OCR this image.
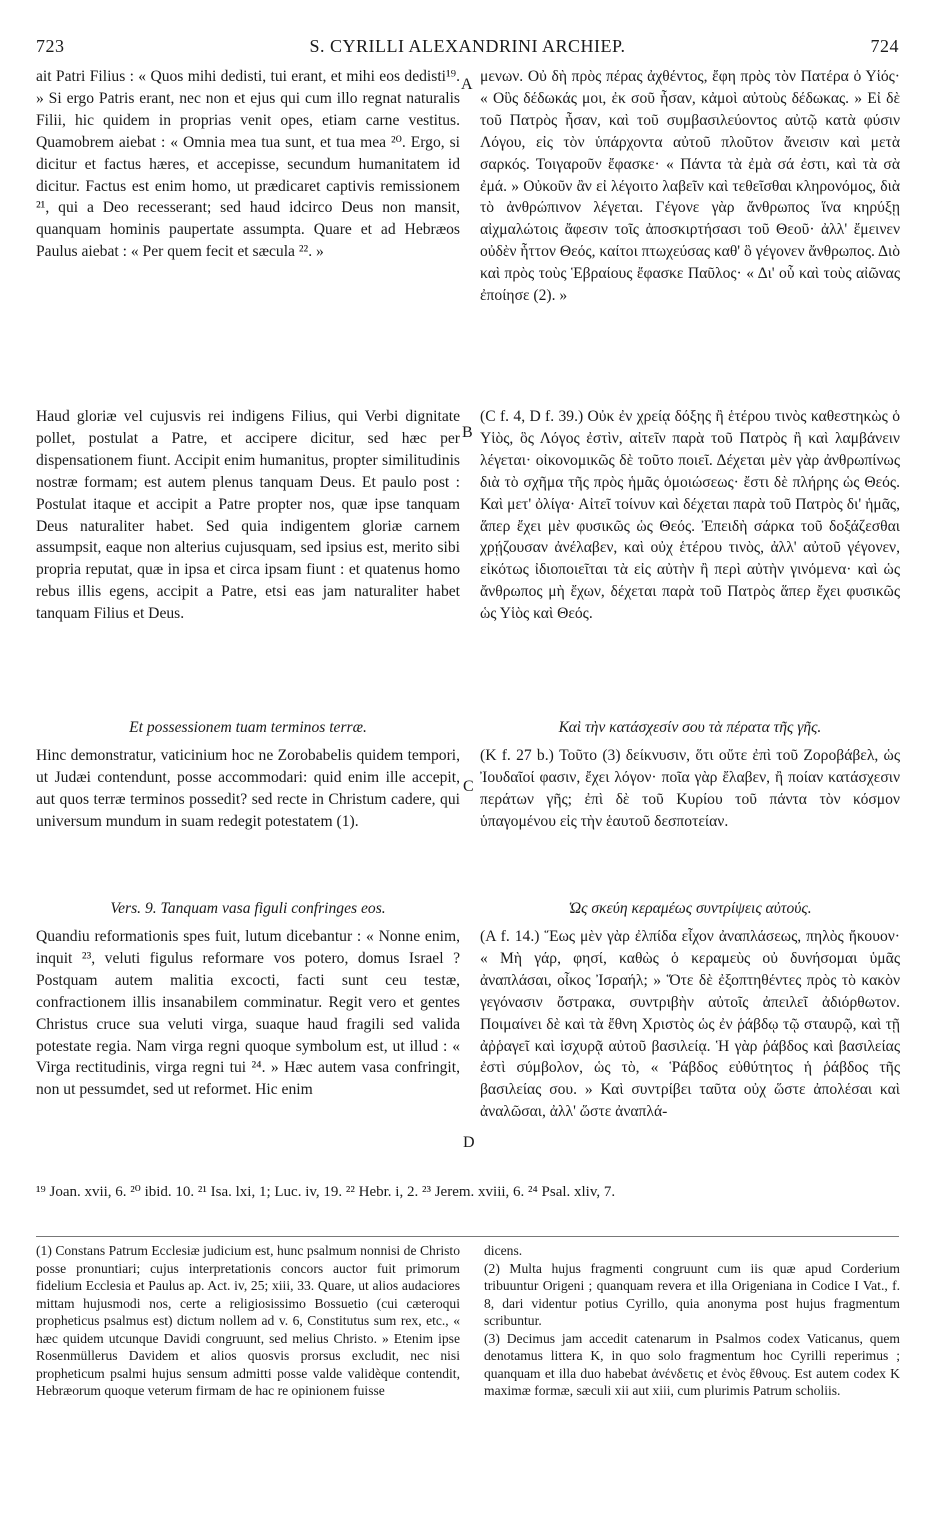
723	S. CYRILLI ALEXANDRINI ARCHIEP.	724
A
B
C
D

ait Patri Filius : « Quos mihi dedisti, tui erant, et mihi eos dedisti¹⁹. » Si ergo Patris erant, nec non et ejus qui cum illo regnat naturalis Filii, hic quidem in proprias venit opes, etiam carne vestitus. Quamobrem aiebat : « Omnia mea tua sunt, et tua mea ²⁰. Ergo, si dicitur et factus hæres, et accepisse, secundum humanitatem id dicitur. Factus est enim homo, ut prædicaret captivis remissionem ²¹, qui a Deo recesserant; sed haud idcirco Deus non mansit, quanquam hominis paupertate assumpta. Quare et ad Hebræos Paulus aiebat : « Per quem fecit et sæcula ²². »

Haud gloriæ vel cujusvis rei indigens Filius, qui Verbi dignitate pollet, postulat a Patre, et accipere dicitur, sed hæc per dispensationem fiunt. Accipit enim humanitus, propter similitudinis nostræ formam; est autem plenus tanquam Deus. Et paulo post : Postulat itaque et accipit a Patre propter nos, quæ ipse tanquam Deus naturaliter habet. Sed quia indigentem gloriæ carnem assumpsit, eaque non alterius cujusquam, sed ipsius est, merito sibi propria reputat, quæ in ipsa et circa ipsam fiunt : et quatenus homo rebus illis egens, accipit a Patre, etsi eas jam naturaliter habet tanquam Filius et Deus.

Et possessionem tuam terminos terræ.

Hinc demonstratur, vaticinium hoc ne Zorobabelis quidem tempori, ut Judæi contendunt, posse accommodari: quid enim ille accepit, aut quos terræ terminos possedit? sed recte in Christum cadere, qui universum mundum in suam redegit potestatem (1).

Vers. 9. Tanquam vasa figuli confringes eos.

Quandiu reformationis spes fuit, lutum dicebantur : « Nonne enim, inquit ²³, veluti figulus reformare vos potero, domus Israel ? Postquam autem malitia excocti, facti sunt ceu testæ, confractionem illis insanabilem comminatur. Regit vero et gentes Christus cruce sua veluti virga, suaque haud fragili sed valida potestate regia. Nam virga regni quoque symbolum est, ut illud : « Virga rectitudinis, virga regni tui ²⁴. » Hæc autem vasa confringit, non ut pessumdet, sed ut reformet. Hic enim

μενων. Οὐ δὴ πρὸς πέρας ἀχθέντος, ἔφη πρὸς τὸν Πατέρα ὁ Υἱός· « Οὓς δέδωκάς μοι, ἐκ σοῦ ἦσαν, κἀμοὶ αὐτοὺς δέδωκας. » Εἰ δὲ τοῦ Πατρὸς ἦσαν, καὶ τοῦ συμβασιλεύοντος αὐτῷ κατὰ φύσιν Λόγου, εἰς τὸν ὑπάρχοντα αὐτοῦ πλοῦτον ἄνεισιν καὶ μετὰ σαρκός. Τοιγαροῦν ἔφασκε· « Πάντα τὰ ἐμὰ σά ἐστι, καὶ τὰ σὰ ἐμά. » Οὐκοῦν ἂν εἰ λέγοιτο λαβεῖν καὶ τεθεῖσθαι κληρονόμος, διὰ τὸ ἀνθρώπινον λέγεται. Γέγονε γὰρ ἄνθρωπος ἵνα κηρύξῃ αἰχμαλώτοις ἄφεσιν τοῖς ἀποσκιρτήσασι τοῦ Θεοῦ· ἀλλ' ἔμεινεν οὐδὲν ἧττον Θεός, καίτοι πτωχεύσας καθ' ὃ γέγονεν ἄνθρωπος. Διὸ καὶ πρὸς τοὺς Ἑβραίους ἔφασκε Παῦλος· « Δι' οὗ καὶ τοὺς αἰῶνας ἐποίησε (2). »

(C f. 4, D f. 39.) Οὐκ ἐν χρείᾳ δόξης ἢ ἑτέρου τινὸς καθεστηκὼς ὁ Υἱὸς, ὃς Λόγος ἐστὶν, αἰτεῖν παρὰ τοῦ Πατρὸς ἢ καὶ λαμβάνειν λέγεται· οἰκονομικῶς δὲ τοῦτο ποιεῖ. Δέχεται μὲν γὰρ ἀνθρωπίνως διὰ τὸ σχῆμα τῆς πρὸς ἡμᾶς ὁμοιώσεως· ἔστι δὲ πλήρης ὡς Θεός. Καὶ μετ' ὀλίγα· Αἰτεῖ τοίνυν καὶ δέχεται παρὰ τοῦ Πατρὸς δι' ἡμᾶς, ἅπερ ἔχει μὲν φυσικῶς ὡς Θεός. Ἐπειδὴ σάρκα τοῦ δοξάζεσθαι χρῄζουσαν ἀνέλαβεν, καὶ οὐχ ἑτέρου τινὸς, ἀλλ' αὐτοῦ γέγονεν, εἰκότως ἰδιοποιεῖται τὰ εἰς αὐτὴν ἢ περὶ αὐτὴν γινόμενα· καὶ ὡς ἄνθρωπος μὴ ἔχων, δέχεται παρὰ τοῦ Πατρὸς ἅπερ ἔχει φυσικῶς ὡς Υἱὸς καὶ Θεός.

Καὶ τὴν κατάσχεσίν σου τὰ πέρατα τῆς γῆς.

(K f. 27 b.) Τοῦτο (3) δείκνυσιν, ὅτι οὔτε ἐπὶ τοῦ Ζοροβάβελ, ὡς Ἰουδαῖοί φασιν, ἔχει λόγον· ποῖα γὰρ ἔλαβεν, ἢ ποίαν κατάσχεσιν περάτων γῆς; ἐπὶ δὲ τοῦ Κυρίου τοῦ πάντα τὸν κόσμον ὑπαγομένου εἰς τὴν ἑαυτοῦ δεσποτείαν.

Ὡς σκεύη κεραμέως συντρίψεις αὐτούς.

(A f. 14.) Ἕως μὲν γὰρ ἐλπίδα εἶχον ἀναπλάσεως, πηλὸς ἤκουον· « Μὴ γάρ, φησί, καθὼς ὁ κεραμεὺς οὐ δυνήσομαι ὑμᾶς ἀναπλάσαι, οἶκος Ἰσραήλ; » Ὅτε δὲ ἐξοπτηθέντες πρὸς τὸ κακὸν γεγόνασιν ὄστρακα, συντριβὴν αὐτοῖς ἀπειλεῖ ἀδιόρθωτον. Ποιμαίνει δὲ καὶ τὰ ἔθνη Χριστὸς ὡς ἐν ῥάβδῳ τῷ σταυρῷ, καὶ τῇ ἀῤῥαγεῖ καὶ ἰσχυρᾷ αὐτοῦ βασιλείᾳ. Ἡ γὰρ ῥάβδος καὶ βασιλείας ἐστὶ σύμβολον, ὡς τὸ, « Ῥάβδος εὐθύτητος ἡ ῥάβδος τῆς βασιλείας σου. » Καὶ συντρίβει ταῦτα οὐχ ὥστε ἀπολέσαι καὶ ἀναλῶσαι, ἀλλ' ὥστε ἀναπλά-

¹⁹ Joan. xvii, 6. ²⁰ ibid. 10. ²¹ Isa. lxi, 1; Luc. iv, 19. ²² Hebr. i, 2. ²³ Jerem. xviii, 6. ²⁴ Psal. xliv, 7.

(1) Constans Patrum Ecclesiæ judicium est, hunc psalmum nonnisi de Christo posse pronuntiari; cujus interpretationis concors auctor fuit primorum fidelium Ecclesia et Paulus ap. Act. iv, 25; xiii, 33. Quare, ut alios audaciores mittam hujusmodi nos, certe a religiosissimo Bossuetio (cui cæteroqui propheticus psalmus est) dictum nollem ad v. 6, Constitutus sum rex, etc., « hæc quidem utcunque Davidi congruunt, sed melius Christo. » Etenim ipse Rosenmüllerus Davidem et alios quosvis prorsus excludit, nec nisi propheticum psalmi hujus sensum admitti posse valde validèque contendit, Hebræorum quoque veterum firmam de hac re opinionem fuisse

dicens.

(2) Multa hujus fragmenti congruunt cum iis quæ apud Corderium tribuuntur Origeni ; quanquam revera et illa Origeniana in Codice I Vat., f. 8, dari videntur potius Cyrillo, quia anonyma post hujus fragmentum scribuntur.

(3) Decimus jam accedit catenarum in Psalmos codex Vaticanus, quem denotamus littera K, in quo solo fragmentum hoc Cyrilli reperimus ; quanquam et illa duo habebat ἀνένδετις et ἐνὸς ἔθνους. Est autem codex K maximæ formæ, sæculi xii aut xiii, cum plurimis Patrum scholiis.
